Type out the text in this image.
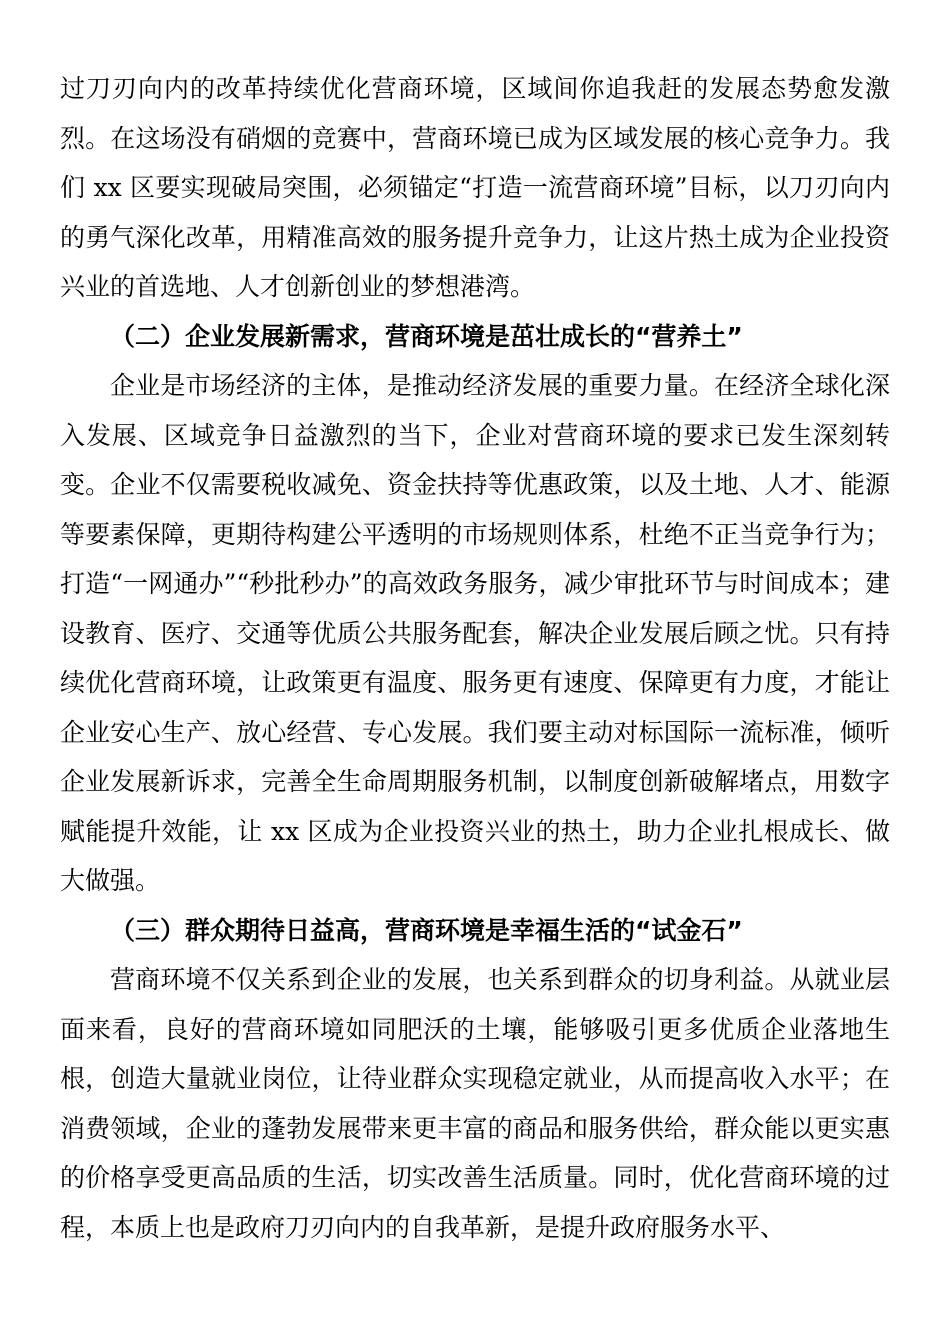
过刀刃向内的改革持续优化营商环境，区域间你追我赶的发展态势愈发激烈。在这场没有硝烟的竞赛中，营商环境已成为区域发展的核心竞争力。我们 xx 区要实现破局突围，必须锚定“打造一流营商环境”目标，以刀刃向内的勇气深化改革，用精准高效的服务提升竞争力，让这片热土成为企业投资兴业的首选地、人才创新创业的梦想港湾。

（二）企业发展新需求，营商环境是茁壮成长的“营养土”

企业是市场经济的主体，是推动经济发展的重要力量。在经济全球化深入发展、区域竞争日益激烈的当下，企业对营商环境的要求已发生深刻转变。企业不仅需要税收减免、资金扶持等优惠政策，以及土地、人才、能源等要素保障，更期待构建公平透明的市场规则体系，杜绝不正当竞争行为；打造“一网通办”“秒批秒办”的高效政务服务，减少审批环节与时间成本；建设教育、医疗、交通等优质公共服务配套，解决企业发展后顾之忧。只有持续优化营商环境，让政策更有温度、服务更有速度、保障更有力度，才能让企业安心生产、放心经营、专心发展。我们要主动对标国际一流标准，倾听企业发展新诉求，完善全生命周期服务机制，以制度创新破解堵点，用数字赋能提升效能，让 xx 区成为企业投资兴业的热土，助力企业扎根成长、做大做强。

（三）群众期待日益高，营商环境是幸福生活的“试金石”

营商环境不仅关系到企业的发展，也关系到群众的切身利益。从就业层面来看，良好的营商环境如同肥沃的土壤，能够吸引更多优质企业落地生根，创造大量就业岗位，让待业群众实现稳定就业，从而提高收入水平；在消费领域，企业的蓬勃发展带来更丰富的商品和服务供给，群众能以更实惠的价格享受更高品质的生活，切实改善生活质量。同时，优化营商环境的过程，本质上也是政府刀刃向内的自我革新，是提升政府服务水平、
